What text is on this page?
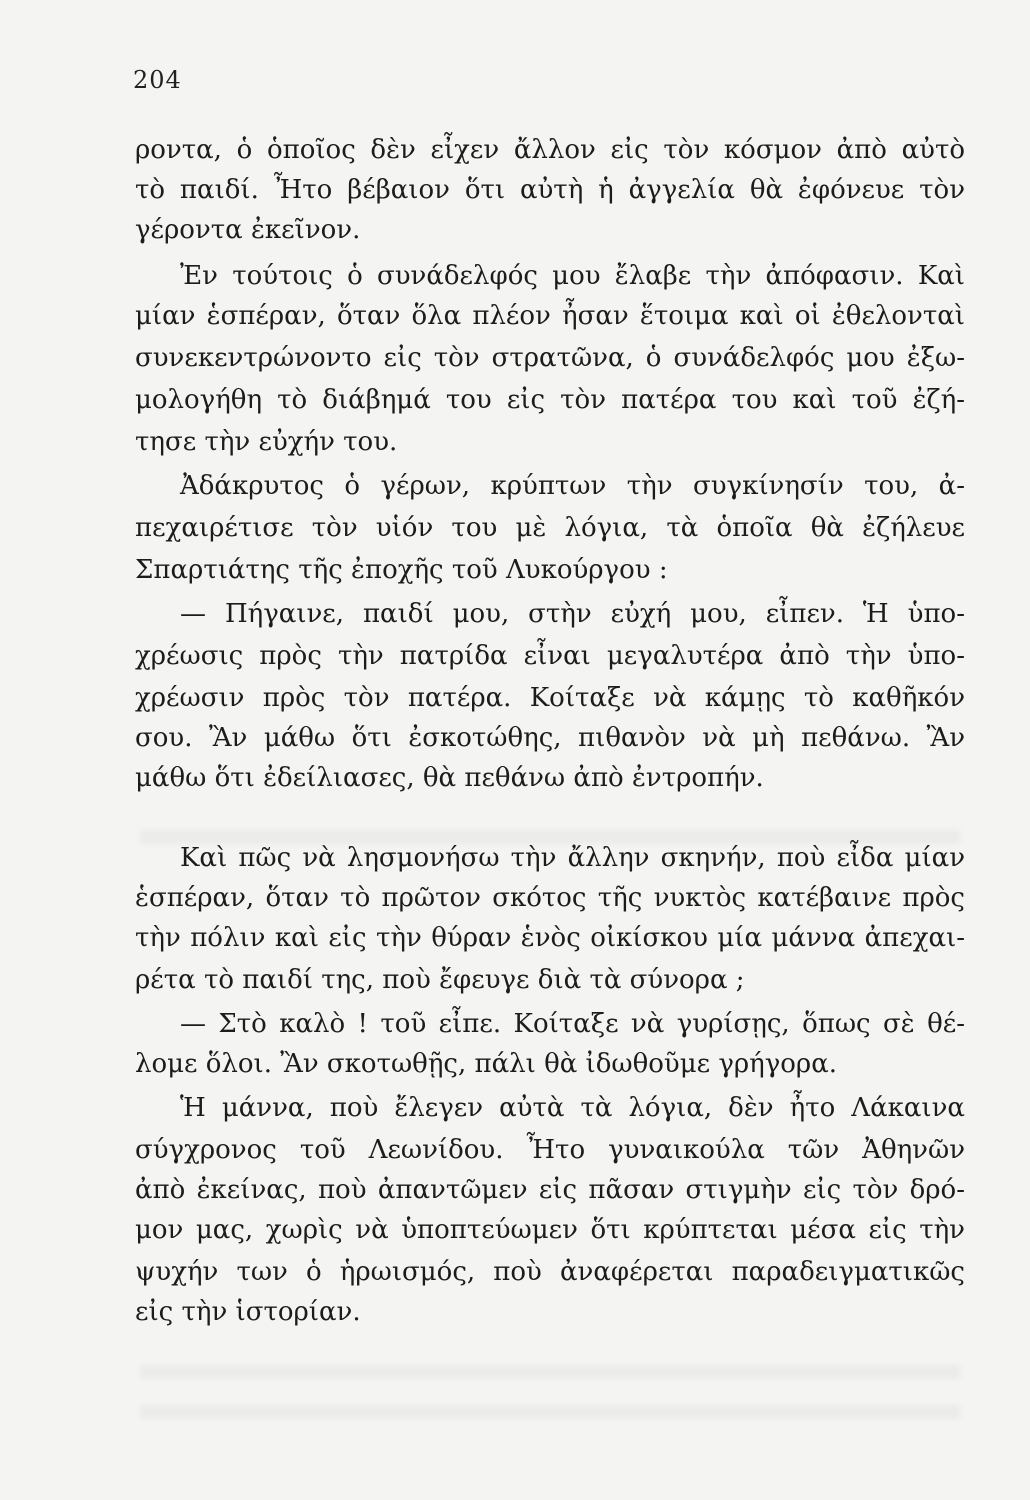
204
ροντα, ὁ ὁποῖος δὲν εἶχεν ἄλλον εἰς τὸν κόσμον ἀπὸ αὐτὸ
τὸ παιδί. Ἦτο βέβαιον ὅτι αὐτὴ ἡ ἀγγελία θὰ ἐφόνευε τὸν
γέροντα ἐκεῖνον.
Ἐν τούτοις ὁ συνάδελφός μου ἔλαβε τὴν ἀπόφασιν. Καὶ
μίαν ἑσπέραν, ὅταν ὅλα πλέον ἦσαν ἕτοιμα καὶ οἱ ἐθελονταὶ
συνεκεντρώνοντο εἰς τὸν στρατῶνα, ὁ συνάδελφός μου ἐξω-
μολογήθη τὸ διάβημά του εἰς τὸν πατέρα του καὶ τοῦ ἐζή-
τησε τὴν εὐχήν του.
Ἀδάκρυτος ὁ γέρων, κρύπτων τὴν συγκίνησίν του, ἀ-
πεχαιρέτισε τὸν υἱόν του μὲ λόγια, τὰ ὁποῖα θὰ ἐζήλευε
Σπαρτιάτης τῆς ἐποχῆς τοῦ Λυκούργου :
— Πήγαινε, παιδί μου, στὴν εὐχή μου, εἶπεν. Ἡ ὑπο-
χρέωσις πρὸς τὴν πατρίδα εἶναι μεγαλυτέρα ἀπὸ τὴν ὑπο-
χρέωσιν πρὸς τὸν πατέρα. Κοίταξε νὰ κάμῃς τὸ καθῆκόν
σου. Ἂν μάθω ὅτι ἐσκοτώθης, πιθανὸν νὰ μὴ πεθάνω. Ἂν
μάθω ὅτι ἐδείλιασες, θὰ πεθάνω ἀπὸ ἐντροπήν.
Καὶ πῶς νὰ λησμονήσω τὴν ἄλλην σκηνήν, ποὺ εἶδα μίαν
ἑσπέραν, ὅταν τὸ πρῶτον σκότος τῆς νυκτὸς κατέβαινε πρὸς
τὴν πόλιν καὶ εἰς τὴν θύραν ἑνὸς οἰκίσκου μία μάννα ἀπεχαι-
ρέτα τὸ παιδί της, ποὺ ἔφευγε διὰ τὰ σύνορα ;
— Στὸ καλὸ ! τοῦ εἶπε. Κοίταξε νὰ γυρίσῃς, ὅπως σὲ θέ-
λομε ὅλοι. Ἂν σκοτωθῇς, πάλι θὰ ἰδωθοῦμε γρήγορα.
Ἡ μάννα, ποὺ ἔλεγεν αὐτὰ τὰ λόγια, δὲν ἦτο Λάκαινα
σύγχρονος τοῦ Λεωνίδου. Ἦτο γυναικούλα τῶν Ἀθηνῶν
ἀπὸ ἐκείνας, ποὺ ἀπαντῶμεν εἰς πᾶσαν στιγμὴν εἰς τὸν δρό-
μον μας, χωρὶς νὰ ὑποπτεύωμεν ὅτι κρύπτεται μέσα εἰς τὴν
ψυχήν των ὁ ἡρωισμός, ποὺ ἀναφέρεται παραδειγματικῶς
εἰς τὴν ἱστορίαν.
